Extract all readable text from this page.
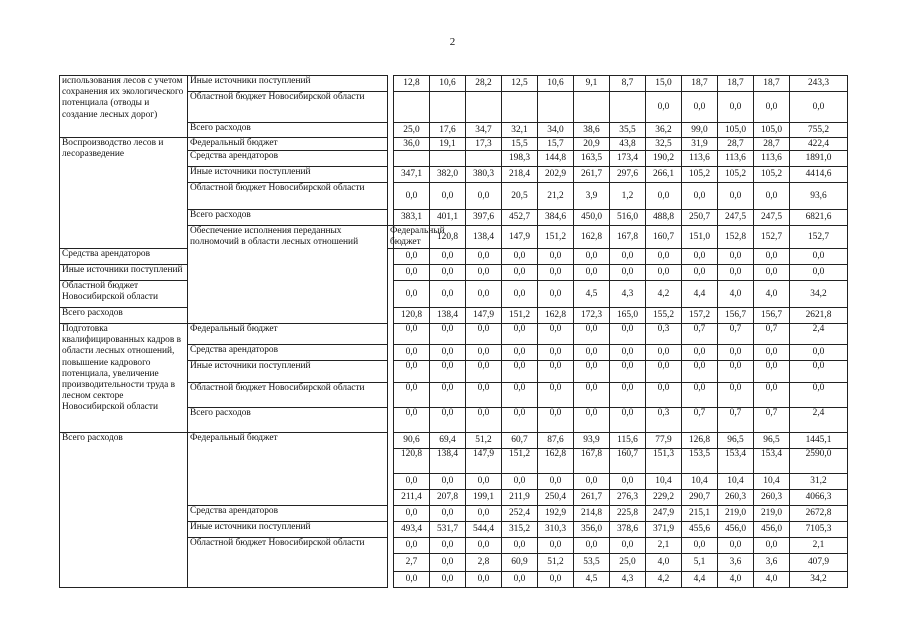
2
использования лесов с учетом сохранения их экологического потенциала (отводы и создание лесных дорог)	Иные источники поступлений		12,8	10,6	28,2	12,5	10,6	9,1	8,7	15,0	18,7	18,7	18,7	243,3	
	Областной бюджет Новосибирской области									0,0	0,0	0,0	0,0	0,0	
	Всего расходов		25,0	17,6	34,7	32,1	34,0	38,6	35,5	36,2	99,0	105,0	105,0	755,2	
Воспроизводство лесов и лесоразведение	Федеральный бюджет		36,0	19,1	17,3	15,5	15,7	20,9	43,8	32,5	31,9	28,7	28,7	422,4	
	Средства арендаторов					198,3	144,8	163,5	173,4	190,2	113,6	113,6	113,6	1891,0	
	Иные источники поступлений		347,1	382,0	380,3	218,4	202,9	261,7	297,6	266,1	105,2	105,2	105,2	4414,6	
	Областной бюджет Новосибирской области		0,0	0,0	0,0	20,5	21,2	3,9	1,2	0,0	0,0	0,0	0,0	93,6	
	Всего расходов		383,1	401,1	397,6	452,7	384,6	450,0	516,0	488,8	250,7	247,5	247,5	6821,6	
	Обеспечение исполнения переданных полномочий в области лесных отношений	Федеральный бюджет		120,8	138,4	147,9	151,2	162,8	167,8	160,7	151,0	152,8	152,7	152,7	
Средства арендаторов			0,0	0,0	0,0	0,0	0,0	0,0	0,0	0,0	0,0	0,0	0,0	0,0	
Иные источники поступлений			0,0	0,0	0,0	0,0	0,0	0,0	0,0	0,0	0,0	0,0	0,0	0,0	
Областной бюджет Новосибирской области			0,0	0,0	0,0	0,0	0,0	4,5	4,3	4,2	4,4	4,0	4,0	34,2	
Всего расходов			120,8	138,4	147,9	151,2	162,8	172,3	165,0	155,2	157,2	156,7	156,7	2621,8	
Подготовка квалифицированных кадров в области лесных отношений, повышение кадрового потенциала, увеличение производительности труда в лесном секторе Новосибирской области	Федеральный бюджет		0,0	0,0	0,0	0,0	0,0	0,0	0,0	0,3	0,7	0,7	0,7	2,4	
	Средства арендаторов		0,0	0,0	0,0	0,0	0,0	0,0	0,0	0,0	0,0	0,0	0,0	0,0	
	Иные источники поступлений		0,0	0,0	0,0	0,0	0,0	0,0	0,0	0,0	0,0	0,0	0,0	0,0	
	Областной бюджет Новосибирской области		0,0	0,0	0,0	0,0	0,0	0,0	0,0	0,0	0,0	0,0	0,0	0,0	
	Всего расходов		0,0	0,0	0,0	0,0	0,0	0,0	0,0	0,3	0,7	0,7	0,7	2,4	
Всего расходов	Федеральный бюджет		90,6	69,4	51,2	60,7	87,6	93,9	115,6	77,9	126,8	96,5	96,5	1445,1	
			120,8	138,4	147,9	151,2	162,8	167,8	160,7	151,3	153,5	153,4	153,4	2590,0	
			0,0	0,0	0,0	0,0	0,0	0,0	0,0	10,4	10,4	10,4	10,4	31,2	
			211,4	207,8	199,1	211,9	250,4	261,7	276,3	229,2	290,7	260,3	260,3	4066,3	
	Средства арендаторов		0,0	0,0	0,0	252,4	192,9	214,8	225,8	247,9	215,1	219,0	219,0	2672,8	
	Иные источники поступлений		493,4	531,7	544,4	315,2	310,3	356,0	378,6	371,9	455,6	456,0	456,0	7105,3	
	Областной бюджет Новосибирской области		0,0	0,0	0,0	0,0	0,0	0,0	0,0	2,1	0,0	0,0	0,0	2,1	
			2,7	0,0	2,8	60,9	51,2	53,5	25,0	4,0	5,1	3,6	3,6	407,9	
			0,0	0,0	0,0	0,0	0,0	4,5	4,3	4,2	4,4	4,0	4,0	34,2	
